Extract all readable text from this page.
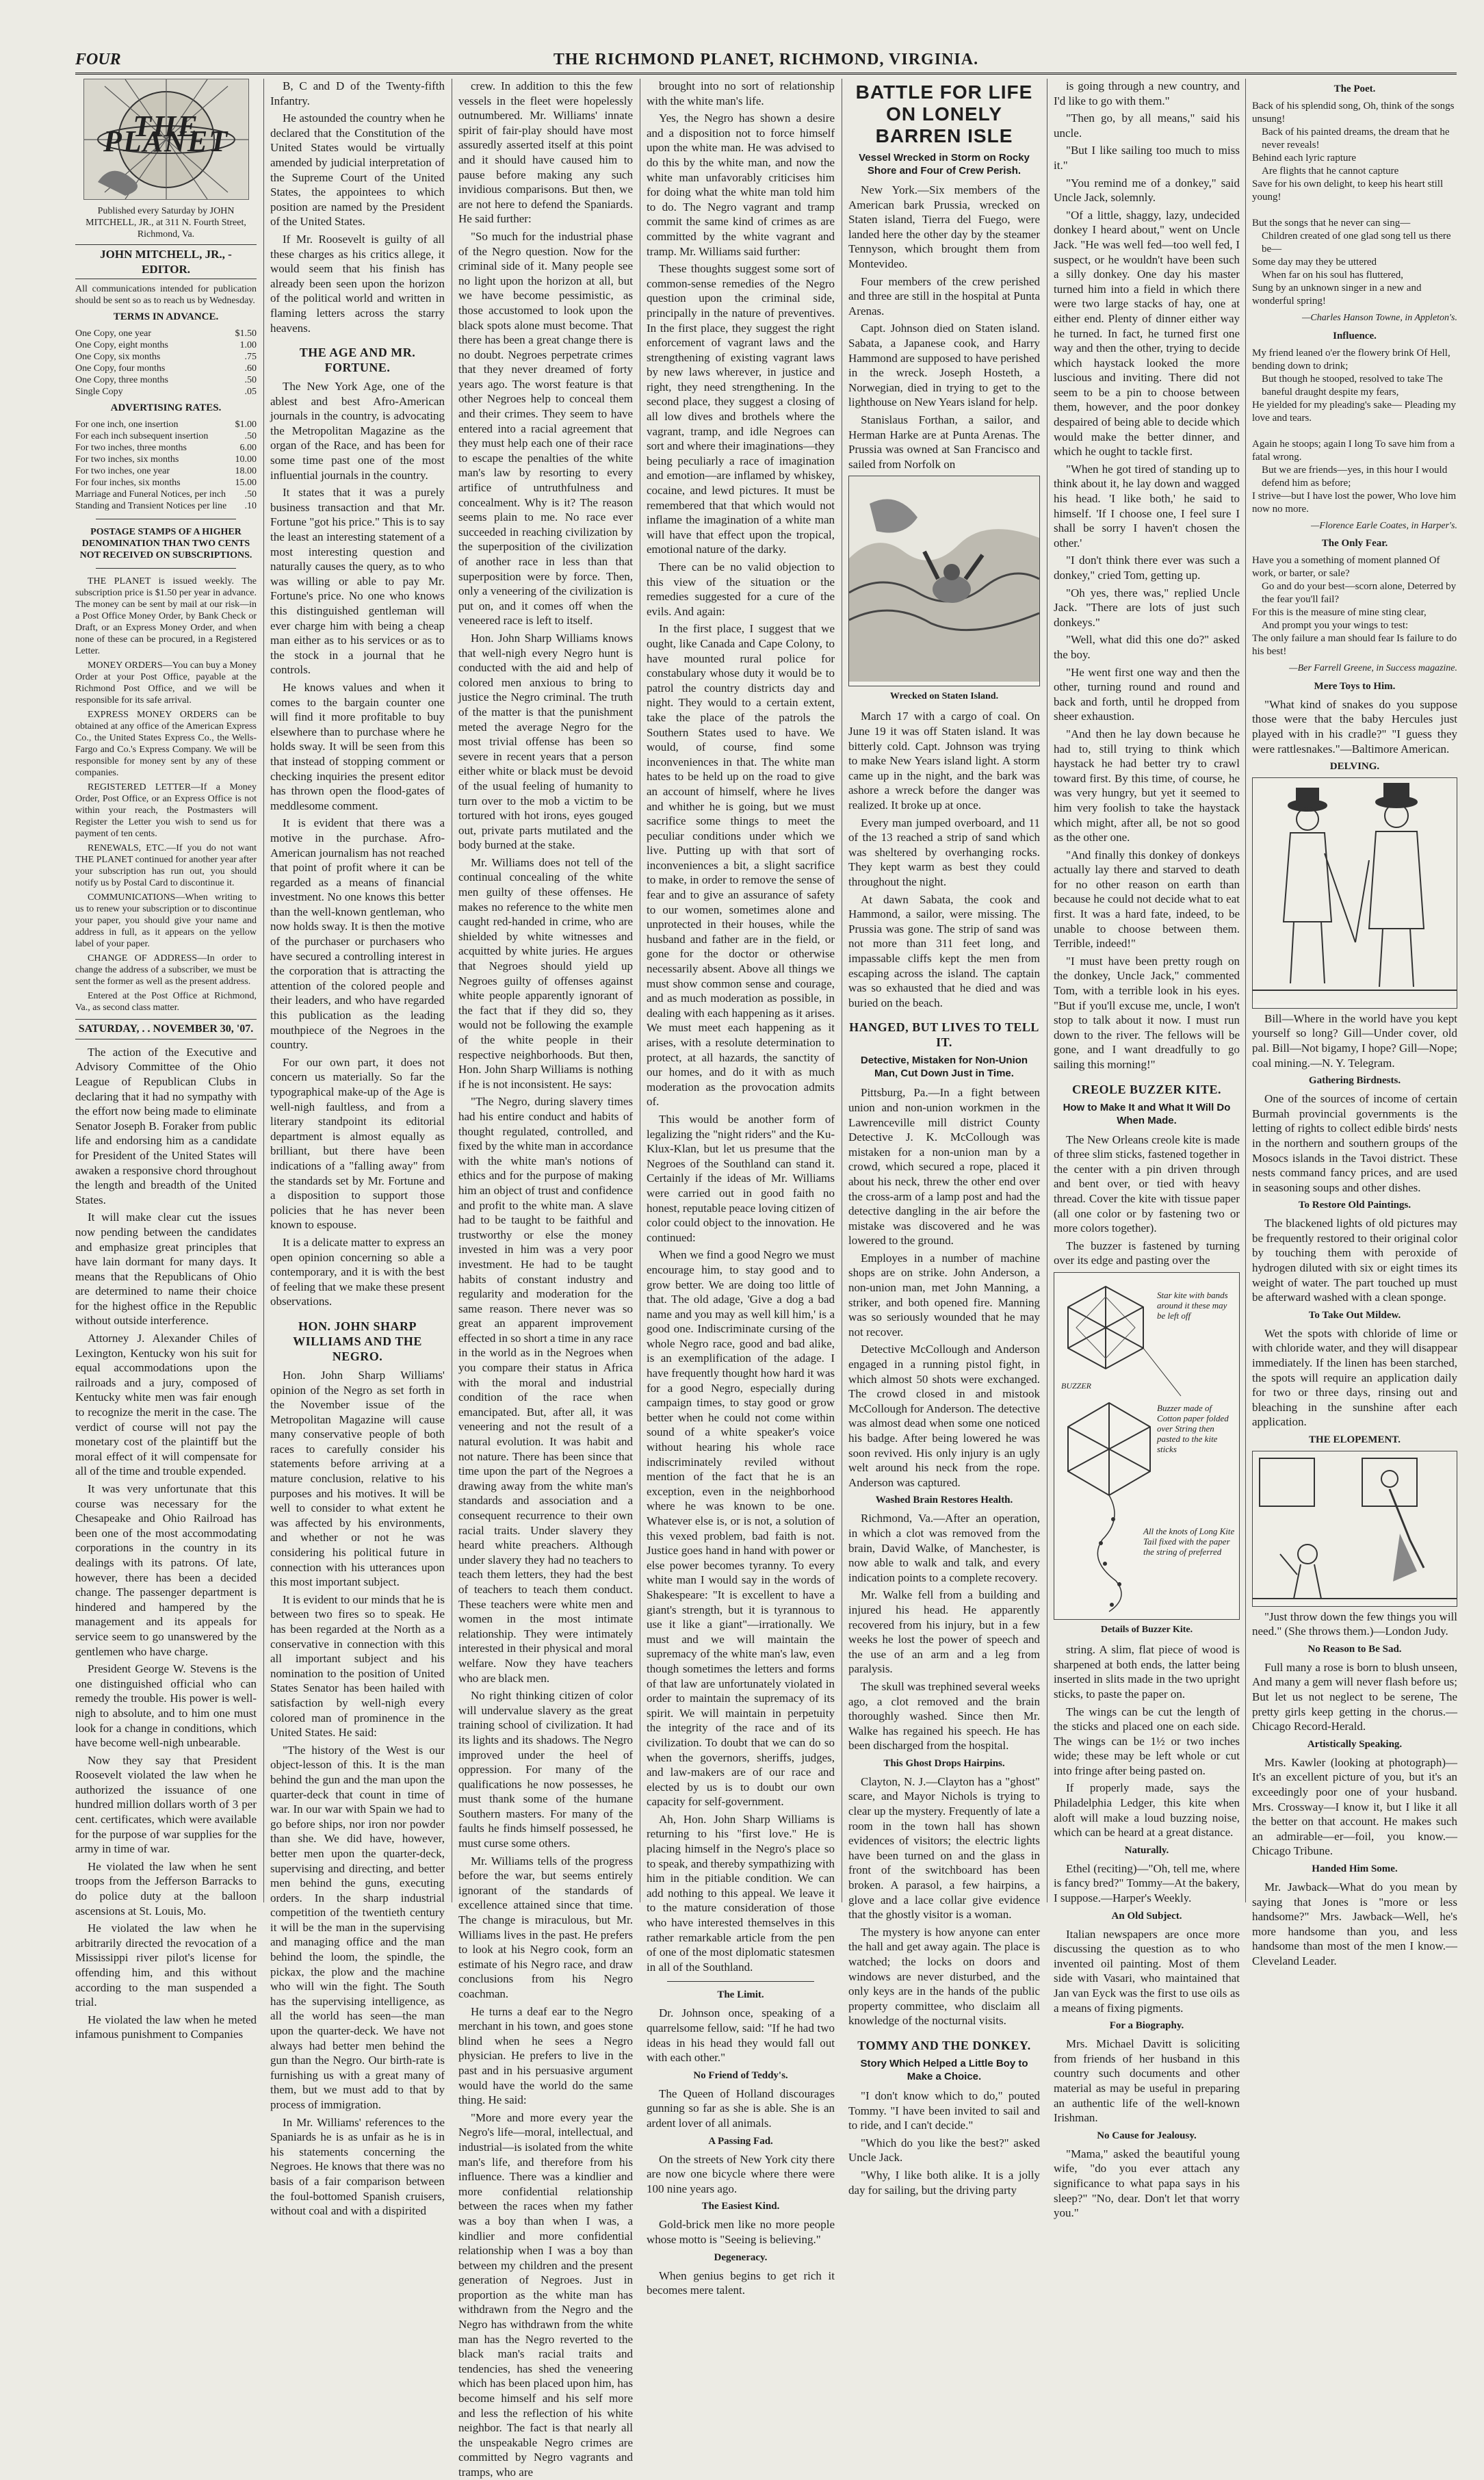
FOUR	THE RICHMOND PLANET, RICHMOND, VIRGINIA.
THE PLANET

Published every Saturday by JOHN MITCHELL, JR., at 311 N. Fourth Street, Richmond, Va.

JOHN MITCHELL, JR., - EDITOR.

All communications intended for publication should be sent so as to reach us by Wednesday.

TERMS IN ADVANCE.
One Copy, one year	$1.50
One Copy, eight months	1.00
One Copy, six months	.75
One Copy, four months	.60
One Copy, three months	.50
Single Copy	.05
ADVERTISING RATES.
For one inch, one insertion	$1.00
For each inch subsequent insertion	.50
For two inches, three months	6.00
For two inches, six months	10.00
For two inches, one year	18.00
For four inches, six months	15.00
Marriage and Funeral Notices, per inch	.50
Standing and Transient Notices per line	.10

POSTAGE STAMPS OF A HIGHER DENOMINATION THAN TWO CENTS NOT RECEIVED ON SUBSCRIPTIONS.

THE PLANET is issued weekly. The subscription price is $1.50 per year in advance. The money can be sent by mail at our risk—in a Post Office Money Order, by Bank Check or Draft, or an Express Money Order, and when none of these can be procured, in a Registered Letter.

MONEY ORDERS—You can buy a Money Order at your Post Office, payable at the Richmond Post Office, and we will be responsible for its safe arrival.

EXPRESS MONEY ORDERS can be obtained at any office of the American Express Co., the United States Express Co., the Wells-Fargo and Co.'s Express Company. We will be responsible for money sent by any of these companies.

REGISTERED LETTER—If a Money Order, Post Office, or an Express Office is not within your reach, the Postmasters will Register the Letter you wish to send us for payment of ten cents.

RENEWALS, ETC.—If you do not want THE PLANET continued for another year after your subscription has run out, you should notify us by Postal Card to discontinue it.

COMMUNICATIONS—When writing to us to renew your subscription or to discontinue your paper, you should give your name and address in full, as it appears on the yellow label of your paper.

CHANGE OF ADDRESS—In order to change the address of a subscriber, we must be sent the former as well as the present address.

Entered at the Post Office at Richmond, Va., as second class matter.

SATURDAY, . . NOVEMBER 30, '07.

The action of the Executive and Advisory Committee of the Ohio League of Republican Clubs in declaring that it had no sympathy with the effort now being made to eliminate Senator Joseph B. Foraker from public life and endorsing him as a candidate for President of the United States will awaken a responsive chord throughout the length and breadth of the United States.

It will make clear cut the issues now pending between the candidates and emphasize great principles that have lain dormant for many days. It means that the Republicans of Ohio are determined to name their choice for the highest office in the Republic without outside interference.

Attorney J. Alexander Chiles of Lexington, Kentucky won his suit for equal accommodations upon the railroads and a jury, composed of Kentucky white men was fair enough to recognize the merit in the case. The verdict of course will not pay the monetary cost of the plaintiff but the moral effect of it will compensate for all of the time and trouble expended.

It was very unfortunate that this course was necessary for the Chesapeake and Ohio Railroad has been one of the most accommodating corporations in the country in its dealings with its patrons. Of late, however, there has been a decided change. The passenger department is hindered and hampered by the management and its appeals for service seem to go unanswered by the gentlemen who have charge.

President George W. Stevens is the one distinguished official who can remedy the trouble. His power is well-nigh to absolute, and to him one must look for a change in conditions, which have become well-nigh unbearable.

Now they say that President Roosevelt violated the law when he authorized the issuance of one hundred million dollars worth of 3 per cent. certificates, which were available for the purpose of war supplies for the army in time of war.

He violated the law when he sent troops from the Jefferson Barracks to do police duty at the balloon ascensions at St. Louis, Mo.

He violated the law when he arbitrarily directed the revocation of a Mississippi river pilot's license for offending him, and this without according to the man suspended a trial.

He violated the law when he meted infamous punishment to Companies

B, C and D of the Twenty-fifth Infantry.

He astounded the country when he declared that the Constitution of the United States would be virtually amended by judicial interpretation of the Supreme Court of the United States, the appointees to which position are named by the President of the United States.

If Mr. Roosevelt is guilty of all these charges as his critics allege, it would seem that his finish has already been seen upon the horizon of the political world and written in flaming letters across the starry heavens.

THE AGE AND MR. FORTUNE.

The New York Age, one of the ablest and best Afro-American journals in the country, is advocating the Metropolitan Magazine as the organ of the Race, and has been for some time past one of the most influential journals in the country.

It states that it was a purely business transaction and that Mr. Fortune "got his price." This is to say the least an interesting statement of a most interesting question and naturally causes the query, as to who was willing or able to pay Mr. Fortune's price. No one who knows this distinguished gentleman will ever charge him with being a cheap man either as to his services or as to the stock in a journal that he controls.

He knows values and when it comes to the bargain counter one will find it more profitable to buy elsewhere than to purchase where he holds sway. It will be seen from this that instead of stopping comment or checking inquiries the present editor has thrown open the flood-gates of meddlesome comment.

It is evident that there was a motive in the purchase. Afro-American journalism has not reached that point of profit where it can be regarded as a means of financial investment. No one knows this better than the well-known gentleman, who now holds sway. It is then the motive of the purchaser or purchasers who have secured a controlling interest in the corporation that is attracting the attention of the colored people and their leaders, and who have regarded this publication as the leading mouthpiece of the Negroes in the country.

For our own part, it does not concern us materially. So far the typographical make-up of the Age is well-nigh faultless, and from a literary standpoint its editorial department is almost equally as brilliant, but there have been indications of a "falling away" from the standards set by Mr. Fortune and a disposition to support those policies that he has never been known to espouse.

It is a delicate matter to express an open opinion concerning so able a contemporary, and it is with the best of feeling that we make these present observations.

HON. JOHN SHARP WILLIAMS AND THE NEGRO.

Hon. John Sharp Williams' opinion of the Negro as set forth in the November issue of the Metropolitan Magazine will cause many conservative people of both races to carefully consider his statements before arriving at a mature conclusion, relative to his purposes and his motives. It will be well to consider to what extent he was affected by his environments, and whether or not he was considering his political future in connection with his utterances upon this most important subject.

It is evident to our minds that he is between two fires so to speak. He has been regarded at the North as a conservative in connection with this all important subject and his nomination to the position of United States Senator has been hailed with satisfaction by well-nigh every colored man of prominence in the United States. He said:

"The history of the West is our object-lesson of this. It is the man behind the gun and the man upon the quarter-deck that count in time of war. In our war with Spain we had to go before ships, nor iron nor powder than she. We did have, however, better men upon the quarter-deck, supervising and directing, and better men behind the guns, executing orders. In the sharp industrial competition of the twentieth century it will be the man in the supervising and managing office and the man behind the loom, the spindle, the pickax, the plow and the machine who will win the fight. The South has the supervising intelligence, as all the world has seen—the man upon the quarter-deck. We have not always had better men behind the gun than the Negro. Our birth-rate is furnishing us with a great many of them, but we must add to that by process of immigration.

In Mr. Williams' references to the Spaniards he is as unfair as he is in his statements concerning the Negroes. He knows that there was no basis of a fair comparison between the foul-bottomed Spanish cruisers, without coal and with a dispirited

crew. In addition to this the few vessels in the fleet were hopelessly outnumbered. Mr. Williams' innate spirit of fair-play should have most assuredly asserted itself at this point and it should have caused him to pause before making any such invidious comparisons. But then, we are not here to defend the Spaniards. He said further:

"So much for the industrial phase of the Negro question. Now for the criminal side of it. Many people see no light upon the horizon at all, but we have become pessimistic, as those accustomed to look upon the black spots alone must become. That there has been a great change there is no doubt. Negroes perpetrate crimes that they never dreamed of forty years ago. The worst feature is that other Negroes help to conceal them and their crimes. They seem to have entered into a racial agreement that they must help each one of their race to escape the penalties of the white man's law by resorting to every artifice of untruthfulness and concealment. Why is it? The reason seems plain to me. No race ever succeeded in reaching civilization by the superposition of the civilization of another race in less than that superposition were by force. Then, only a veneering of the civilization is put on, and it comes off when the veneered race is left to itself.

Hon. John Sharp Williams knows that well-nigh every Negro hunt is conducted with the aid and help of colored men anxious to bring to justice the Negro criminal. The truth of the matter is that the punishment meted the average Negro for the most trivial offense has been so severe in recent years that a person either white or black must be devoid of the usual feeling of humanity to turn over to the mob a victim to be tortured with hot irons, eyes gouged out, private parts mutilated and the body burned at the stake.

Mr. Williams does not tell of the continual concealing of the white men guilty of these offenses. He makes no reference to the white men caught red-handed in crime, who are shielded by white witnesses and acquitted by white juries. He argues that Negroes should yield up Negroes guilty of offenses against white people apparently ignorant of the fact that if they did so, they would not be following the example of the white people in their respective neighborhoods. But then, Hon. John Sharp Williams is nothing if he is not inconsistent. He says:

"The Negro, during slavery times had his entire conduct and habits of thought regulated, controlled, and fixed by the white man in accordance with the white man's notions of ethics and for the purpose of making him an object of trust and confidence and profit to the white man. A slave had to be taught to be faithful and trustworthy or else the money invested in him was a very poor investment. He had to be taught habits of constant industry and regularity and moderation for the same reason. There never was so great an apparent improvement effected in so short a time in any race in the world as in the Negroes when you compare their status in Africa with the moral and industrial condition of the race when emancipated. But, after all, it was veneering and not the result of a natural evolution. It was habit and not nature. There has been since that time upon the part of the Negroes a drawing away from the white man's standards and association and a consequent recurrence to their own racial traits. Under slavery they heard white preachers. Although under slavery they had no teachers to teach them letters, they had the best of teachers to teach them conduct. These teachers were white men and women in the most intimate relationship. They were intimately interested in their physical and moral welfare. Now they have teachers who are black men.

No right thinking citizen of color will undervalue slavery as the great training school of civilization. It had its lights and its shadows. The Negro improved under the heel of oppression. For many of the qualifications he now possesses, he must thank some of the humane Southern masters. For many of the faults he finds himself possessed, he must curse some others.

Mr. Williams tells of the progress before the war, but seems entirely ignorant of the standards of excellence attained since that time. The change is miraculous, but Mr. Williams lives in the past. He prefers to look at his Negro cook, form an estimate of his Negro race, and draw conclusions from his Negro coachman.

He turns a deaf ear to the Negro merchant in his town, and goes stone blind when he sees a Negro physician. He prefers to live in the past and in his persuasive argument would have the world do the same thing. He said:

"More and more every year the Negro's life—moral, intellectual, and industrial—is isolated from the white man's life, and therefore from his influence. There was a kindlier and more confidential relationship between the races when my father was a boy than when I was, a kindlier and more confidential relationship when I was a boy than between my children and the present generation of Negroes. Just in proportion as the white man has withdrawn from the Negro and the Negro has withdrawn from the white man has the Negro reverted to the black man's racial traits and tendencies, has shed the veneering which has been placed upon him, has become himself and his self more and less the reflection of his white neighbor. The fact is that nearly all the unspeakable Negro crimes are committed by Negro vagrants and tramps, who are

brought into no sort of relationship with the white man's life.

Yes, the Negro has shown a desire and a disposition not to force himself upon the white man. He was advised to do this by the white man, and now the white man unfavorably criticises him for doing what the white man told him to do. The Negro vagrant and tramp commit the same kind of crimes as are committed by the white vagrant and tramp. Mr. Williams said further:

These thoughts suggest some sort of common-sense remedies of the Negro question upon the criminal side, principally in the nature of preventives. In the first place, they suggest the right enforcement of vagrant laws and the strengthening of existing vagrant laws by new laws wherever, in justice and right, they need strengthening. In the second place, they suggest a closing of all low dives and brothels where the vagrant, tramp, and idle Negroes can sort and where their imaginations—they being peculiarly a race of imagination and emotion—are inflamed by whiskey, cocaine, and lewd pictures. It must be remembered that that which would not inflame the imagination of a white man will have that effect upon the tropical, emotional nature of the darky.

There can be no valid objection to this view of the situation or the remedies suggested for a cure of the evils. And again:

In the first place, I suggest that we ought, like Canada and Cape Colony, to have mounted rural police for constabulary whose duty it would be to patrol the country districts day and night. They would to a certain extent, take the place of the patrols the Southern States used to have. We would, of course, find some inconveniences in that. The white man hates to be held up on the road to give an account of himself, where he lives and whither he is going, but we must sacrifice some things to meet the peculiar conditions under which we live. Putting up with that sort of inconveniences a bit, a slight sacrifice to make, in order to remove the sense of fear and to give an assurance of safety to our women, sometimes alone and unprotected in their houses, while the husband and father are in the field, or gone for the doctor or otherwise necessarily absent. Above all things we must show common sense and courage, and as much moderation as possible, in dealing with each happening as it arises. We must meet each happening as it arises, with a resolute determination to protect, at all hazards, the sanctity of our homes, and do it with as much moderation as the provocation admits of.

This would be another form of legalizing the "night riders" and the Ku-Klux-Klan, but let us presume that the Negroes of the Southland can stand it. Certainly if the ideas of Mr. Williams were carried out in good faith no honest, reputable peace loving citizen of color could object to the innovation. He continued:

When we find a good Negro we must encourage him, to stay good and to grow better. We are doing too little of that. The old adage, 'Give a dog a bad name and you may as well kill him,' is a good one. Indiscriminate cursing of the whole Negro race, good and bad alike, is an exemplification of the adage. I have frequently thought how hard it was for a good Negro, especially during campaign times, to stay good or grow better when he could not come within sound of a white speaker's voice without hearing his whole race indiscriminately reviled without mention of the fact that he is an exception, even in the neighborhood where he was known to be one. Whatever else is, or is not, a solution of this vexed problem, bad faith is not. Justice goes hand in hand with power or else power becomes tyranny. To every white man I would say in the words of Shakespeare: "It is excellent to have a giant's strength, but it is tyrannous to use it like a giant"—irrationally. We must and we will maintain the supremacy of the white man's law, even though sometimes the letters and forms of that law are unfortunately violated in order to maintain the supremacy of its spirit. We will maintain in perpetuity the integrity of the race and of its civilization. To doubt that we can do so when the governors, sheriffs, judges, and law-makers are of our race and elected by us is to doubt our own capacity for self-government.

Ah, Hon. John Sharp Williams is returning to his "first love." He is placing himself in the Negro's place so to speak, and thereby sympathizing with him in the pitiable condition. We can add nothing to this appeal. We leave it to the mature consideration of those who have interested themselves in this rather remarkable article from the pen of one of the most diplomatic statesmen in all of the Southland.

The Limit.

Dr. Johnson once, speaking of a quarrelsome fellow, said: "If he had two ideas in his head they would fall out with each other."

No Friend of Teddy's.

The Queen of Holland discourages gunning so far as she is able. She is an ardent lover of all animals.

A Passing Fad.

On the streets of New York city there are now one bicycle where there were 100 nine years ago.

The Easiest Kind.

Gold-brick men like no more people whose motto is "Seeing is believing."

Degeneracy.

When genius begins to get rich it becomes mere talent.

BATTLE FOR LIFE ON LONELY BARREN ISLE
Vessel Wrecked in Storm on Rocky Shore and Four of Crew Perish.

New York.—Six members of the American bark Prussia, wrecked on Staten island, Tierra del Fuego, were landed here the other day by the steamer Tennyson, which brought them from Montevideo.

Four members of the crew perished and three are still in the hospital at Punta Arenas.

Capt. Johnson died on Staten island. Sabata, a Japanese cook, and Harry Hammond are supposed to have perished in the wreck. Joseph Hosteth, a Norwegian, died in trying to get to the lighthouse on New Years island for help.

Stanislaus Forthan, a sailor, and Herman Harke are at Punta Arenas. The Prussia was owned at San Francisco and sailed from Norfolk on

Wrecked on Staten Island.

March 17 with a cargo of coal. On June 19 it was off Staten island. It was bitterly cold. Capt. Johnson was trying to make New Years island light. A storm came up in the night, and the bark was ashore a wreck before the danger was realized. It broke up at once.

Every man jumped overboard, and 11 of the 13 reached a strip of sand which was sheltered by overhanging rocks. They kept warm as best they could throughout the night.

At dawn Sabata, the cook and Hammond, a sailor, were missing. The Prussia was gone. The strip of sand was not more than 311 feet long, and impassable cliffs kept the men from escaping across the island. The captain was so exhausted that he died and was buried on the beach.

HANGED, BUT LIVES TO TELL IT.
Detective, Mistaken for Non-Union Man, Cut Down Just in Time.

Pittsburg, Pa.—In a fight between union and non-union workmen in the Lawrenceville mill district County Detective J. K. McCollough was mistaken for a non-union man by a crowd, which secured a rope, placed it about his neck, threw the other end over the cross-arm of a lamp post and had the detective dangling in the air before the mistake was discovered and he was lowered to the ground.

Employes in a number of machine shops are on strike. John Anderson, a non-union man, met John Manning, a striker, and both opened fire. Manning was so seriously wounded that he may not recover.

Detective McCollough and Anderson engaged in a running pistol fight, in which almost 50 shots were exchanged. The crowd closed in and mistook McCollough for Anderson. The detective was almost dead when some one noticed his badge. After being lowered he was soon revived. His only injury is an ugly welt around his neck from the rope. Anderson was captured.

Washed Brain Restores Health.

Richmond, Va.—After an operation, in which a clot was removed from the brain, David Walke, of Manchester, is now able to walk and talk, and every indication points to a complete recovery.

Mr. Walke fell from a building and injured his head. He apparently recovered from his injury, but in a few weeks he lost the power of speech and the use of an arm and a leg from paralysis.

The skull was trephined several weeks ago, a clot removed and the brain thoroughly washed. Since then Mr. Walke has regained his speech. He has been discharged from the hospital.

This Ghost Drops Hairpins.

Clayton, N. J.—Clayton has a "ghost" scare, and Mayor Nichols is trying to clear up the mystery. Frequently of late a room in the town hall has shown evidences of visitors; the electric lights have been turned on and the glass in front of the switchboard has been broken. A parasol, a few hairpins, a glove and a lace collar give evidence that the ghostly visitor is a woman.

The mystery is how anyone can enter the hall and get away again. The place is watched; the locks on doors and windows are never disturbed, and the only keys are in the hands of the public property committee, who disclaim all knowledge of the nocturnal visits.

TOMMY AND THE DONKEY.
Story Which Helped a Little Boy to Make a Choice.

"I don't know which to do," pouted Tommy. "I have been invited to sail and to ride, and I can't decide."

"Which do you like the best?" asked Uncle Jack.

"Why, I like both alike. It is a jolly day for sailing, but the driving party

is going through a new country, and I'd like to go with them."

"Then go, by all means," said his uncle.

"But I like sailing too much to miss it."

"You remind me of a donkey," said Uncle Jack, solemnly.

"Of a little, shaggy, lazy, undecided donkey I heard about," went on Uncle Jack. "He was well fed—too well fed, I suspect, or he wouldn't have been such a silly donkey. One day his master turned him into a field in which there were two large stacks of hay, one at either end. Plenty of dinner either way he turned. In fact, he turned first one way and then the other, trying to decide which haystack looked the more luscious and inviting. There did not seem to be a pin to choose between them, however, and the poor donkey despaired of being able to decide which would make the better dinner, and which he ought to tackle first.

"When he got tired of standing up to think about it, he lay down and wagged his head. 'I like both,' he said to himself. 'If I choose one, I feel sure I shall be sorry I haven't chosen the other.'

"I don't think there ever was such a donkey," cried Tom, getting up.

"Oh yes, there was," replied Uncle Jack. "There are lots of just such donkeys."

"Well, what did this one do?" asked the boy.

"He went first one way and then the other, turning round and round and back and forth, until he dropped from sheer exhaustion.

"And then he lay down because he had to, still trying to think which haystack he had better try to crawl toward first. By this time, of course, he was very hungry, but yet it seemed to him very foolish to take the haystack which might, after all, be not so good as the other one.

"And finally this donkey of donkeys actually lay there and starved to death for no other reason on earth than because he could not decide what to eat first. It was a hard fate, indeed, to be unable to choose between them. Terrible, indeed!"

"I must have been pretty rough on the donkey, Uncle Jack," commented Tom, with a terrible look in his eyes. "But if you'll excuse me, uncle, I won't stop to talk about it now. I must run down to the river. The fellows will be gone, and I want dreadfully to go sailing this morning!"

CREOLE BUZZER KITE.
How to Make It and What It Will Do When Made.

The New Orleans creole kite is made of three slim sticks, fastened together in the center with a pin driven through and bent over, or tied with heavy thread. Cover the kite with tissue paper (all one color or by fastening two or more colors together).

The buzzer is fastened by turning over its edge and pasting over the

Star kite with bands around it these may be left off
Buzzer made of Cotton paper folded over String then pasted to the kite sticks
All the knots of Long Kite Tail fixed with the paper the string of preferred
BUZZER
Details of Buzzer Kite.

string. A slim, flat piece of wood is sharpened at both ends, the latter being inserted in slits made in the two upright sticks, to paste the paper on.

The wings can be cut the length of the sticks and placed one on each side. The wings can be 1½ or two inches wide; these may be left whole or cut into fringe after being pasted on.

If properly made, says the Philadelphia Ledger, this kite when aloft will make a loud buzzing noise, which can be heard at a great distance.

Naturally.

Ethel (reciting)—"Oh, tell me, where is fancy bred?" Tommy—At the bakery, I suppose.—Harper's Weekly.

An Old Subject.

Italian newspapers are once more discussing the question as to who invented oil painting. Most of them side with Vasari, who maintained that Jan van Eyck was the first to use oils as a means of fixing pigments.

For a Biography.

Mrs. Michael Davitt is soliciting from friends of her husband in this country such documents and other material as may be useful in preparing an authentic life of the well-known Irishman.

No Cause for Jealousy.

"Mama," asked the beautiful young wife, "do you ever attach any significance to what papa says in his sleep?" "No, dear. Don't let that worry you."

The Poet.
Back of his splendid song, Oh, think of the songs unsung!
Back of his painted dreams, the dream that he never reveals!
Behind each lyric rapture
Are flights that he cannot capture
Save for his own delight, to keep his heart still young!

But the songs that he never can sing—
Children created of one glad song tell us there be—
Some day may they be uttered
When far on his soul has fluttered,
Sung by an unknown singer in a new and wonderful spring!
—Charles Hanson Towne, in Appleton's.
Influence.
My friend leaned o'er the flowery brink Of Hell, bending down to drink;
But though he stooped, resolved to take The baneful draught despite my fears,
He yielded for my pleading's sake— Pleading my love and tears.

Again he stoops; again I long To save him from a fatal wrong.
But we are friends—yes, in this hour I would defend him as before;
I strive—but I have lost the power, Who love him now no more.
—Florence Earle Coates, in Harper's.
The Only Fear.
Have you a something of moment planned Of work, or barter, or sale?
Go and do your best—scorn alone, Deterred by the fear you'll fail?
For this is the measure of mine sting clear,
And prompt you your wings to test:
The only failure a man should fear Is failure to do his best!
—Ber Farrell Greene, in Success magazine.
Mere Toys to Him.

"What kind of snakes do you suppose those were that the baby Hercules just played with in his cradle?" "I guess they were rattlesnakes."—Baltimore American.

DELVING.

Bill—Where in the world have you kept yourself so long? Gill—Under cover, old pal. Bill—Not bigamy, I hope? Gill—Nope; coal mining.—N. Y. Telegram.

Gathering Birdnests.

One of the sources of income of certain Burmah provincial governments is the letting of rights to collect edible birds' nests in the northern and southern groups of the Mosocs islands in the Tavoi district. These nests command fancy prices, and are used in seasoning soups and other dishes.

To Restore Old Paintings.

The blackened lights of old pictures may be frequently restored to their original color by touching them with peroxide of hydrogen diluted with six or eight times its weight of water. The part touched up must be afterward washed with a clean sponge.

To Take Out Mildew.

Wet the spots with chloride of lime or with chloride water, and they will disappear immediately. If the linen has been starched, the spots will require an application daily for two or three days, rinsing out and bleaching in the sunshine after each application.

THE ELOPEMENT.

"Just throw down the few things you will need." (She throws them.)—London Judy.

No Reason to Be Sad.

Full many a rose is born to blush unseen, And many a gem will never flash before us; But let us not neglect to be serene, The pretty girls keep getting in the chorus.—Chicago Record-Herald.

Artistically Speaking.

Mrs. Kawler (looking at photograph)—It's an excellent picture of you, but it's an exceedingly poor one of your husband. Mrs. Crossway—I know it, but I like it all the better on that account. He makes such an admirable—er—foil, you know.—Chicago Tribune.

Handed Him Some.

Mr. Jawback—What do you mean by saying that Jones is "more or less handsome?" Mrs. Jawback—Well, he's more handsome than you, and less handsome than most of the men I know.—Cleveland Leader.
